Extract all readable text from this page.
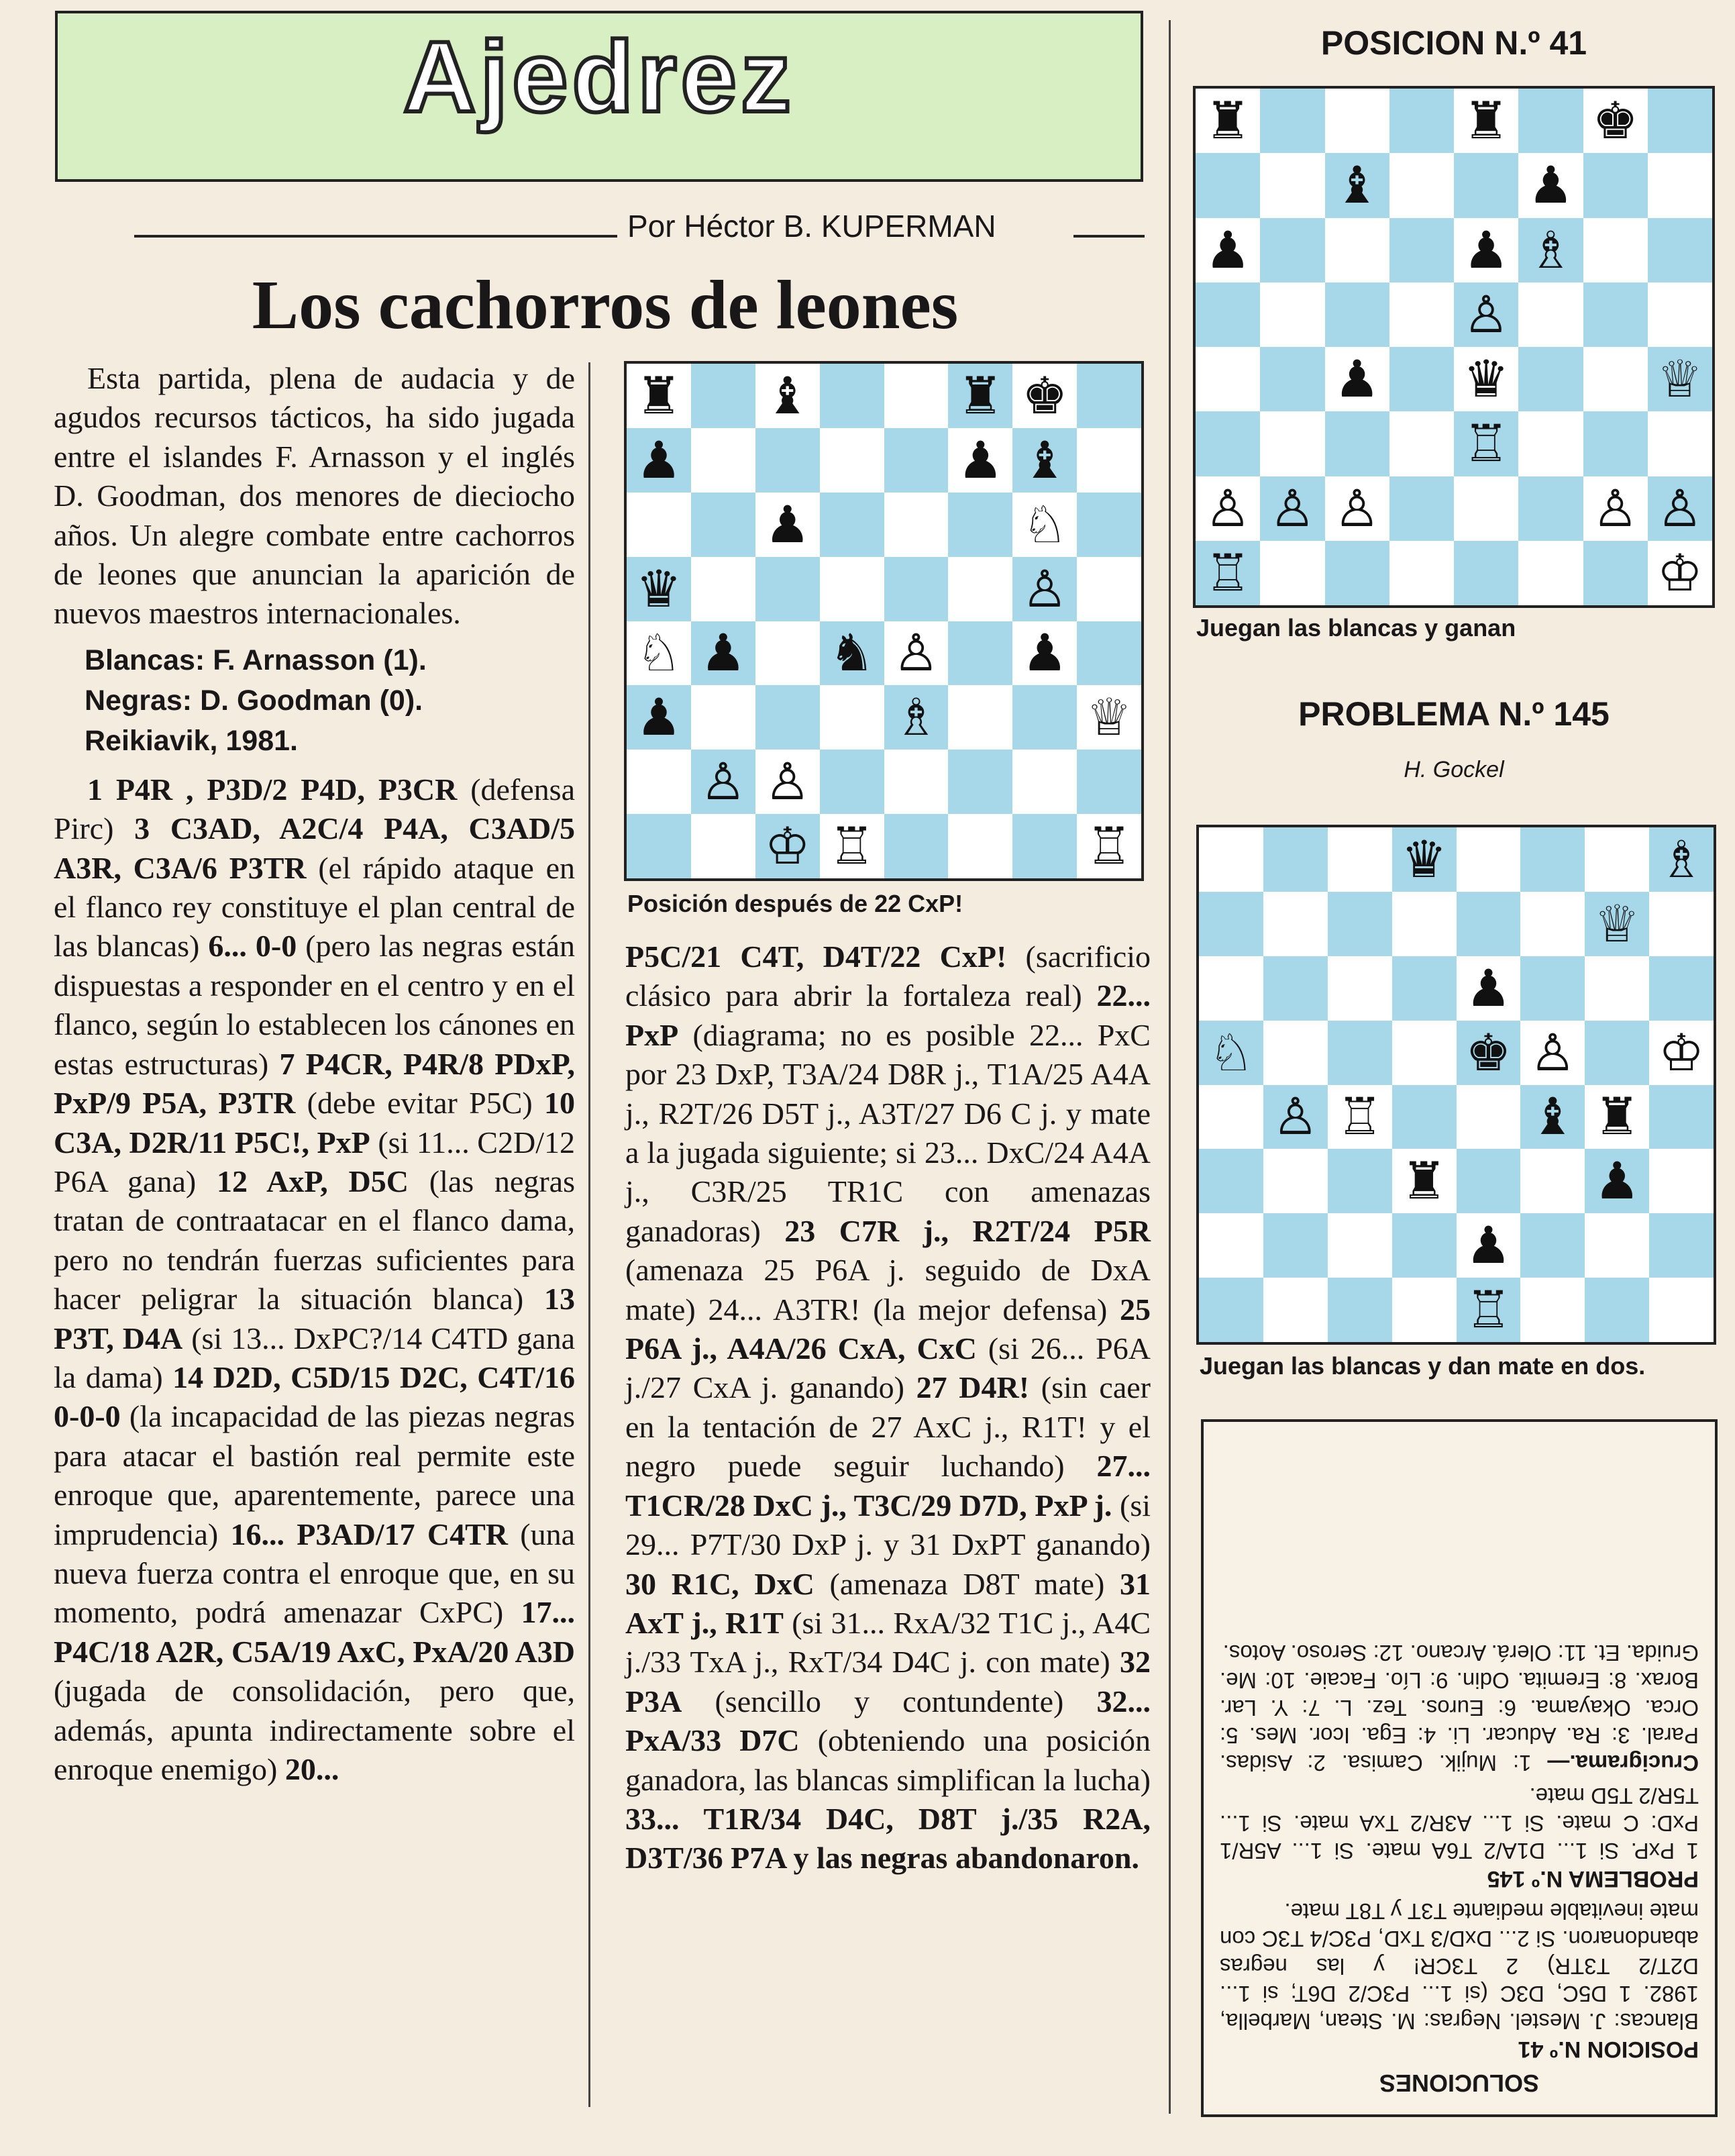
Ajedrez
Por Héctor B. KUPERMAN
Los cachorros de leones

Esta partida, plena de audacia y de agudos recursos tácticos, ha sido jugada entre el islandes F. Arnasson y el inglés D. Goodman, dos menores de dieciocho años. Un alegre combate entre cachorros de leones que anuncian la aparición de nuevos maestros internacionales.

Blancas: F. Arnasson (1).
Negras: D. Goodman (0).
Reikiavik, 1981.

1 P4R , P3D/2 P4D, P3CR (defensa Pirc) 3 C3AD, A2C/4 P4A, C3AD/5 A3R, C3A/6 P3TR (el rápido ataque en el flanco rey constituye el plan central de las blancas) 6... 0-0 (pero las negras están dispuestas a responder en el centro y en el flanco, según lo establecen los cánones en estas estructuras) 7 P4CR, P4R/8 PDxP, PxP/9 P5A, P3TR (debe evitar P5C) 10 C3A, D2R/11 P5C!, PxP (si 11... C2D/12 P6A gana) 12 AxP, D5C (las negras tratan de contraatacar en el flanco dama, pero no tendrán fuerzas suficientes para hacer peligrar la situación blanca) 13 P3T, D4A (si 13... DxPC?/14 C4TD gana la dama) 14 D2D, C5D/15 D2C, C4T/16 0-0-0 (la incapacidad de las piezas negras para atacar el bastión real permite este enroque que, aparentemente, parece una imprudencia) 16... P3AD/17 C4TR (una nueva fuerza contra el enroque que, en su momento, podrá amenazar CxPC) 17... P4C/18 A2R, C5A/19 AxC, PxA/20 A3D (jugada de consolidación, pero que, además, apunta indirectamente sobre el enroque enemigo) 20...

♜ ♝	♜ ♚
♟	♟ ♝
♟	♘
♛	♙
♘ ♟ ♞ ♙ ♟
♟	♗	♕
♙ ♙
♔ ♖	♖
Posición después de 22 CxP!

P5C/21 C4T, D4T/22 CxP! (sacrificio clásico para abrir la fortaleza real) 22... PxP (diagrama; no es posible 22... PxC por 23 DxP, T3A/24 D8R j., T1A/25 A4A j., R2T/26 D5T j., A3T/27 D6 C j. y mate a la jugada siguiente; si 23... DxC/24 A4A j., C3R/25 TR1C con amenazas ganadoras) 23 C7R j., R2T/24 P5R (amenaza 25 P6A j. seguido de DxA mate) 24... A3TR! (la mejor defensa) 25 P6A j., A4A/26 CxA, CxC (si 26... P6A j./27 CxA j. ganando) 27 D4R! (sin caer en la tentación de 27 AxC j., R1T! y el negro puede seguir luchando) 27... T1CR/28 DxC j., T3C/29 D7D, PxP j. (si 29... P7T/30 DxP j. y 31 DxPT ganando) 30 R1C, DxC (amenaza D8T mate) 31 AxT j., R1T (si 31... RxA/32 T1C j., A4C j./33 TxA j., RxT/34 D4C j. con mate) 32 P3A (sencillo y contundente) 32... PxA/33 D7C (obteniendo una posición ganadora, las blancas simplifican la lucha) 33... T1R/34 D4C, D8T j./35 R2A, D3T/36 P7A y las negras abandonaron.

POSICION N.º 41
♜	♜ ♚
♝	♟
♟	♟ ♗
♙
♟ ♛	♕
♖
♙ ♙ ♙	♙ ♙
♖	♔
Juegan las blancas y ganan
PROBLEMA N.º 145
H. Gockel
♛	♗
♕
♟
♘	♚ ♙ ♔
♙ ♖	♝ ♜
♜	♟
♟
♖
Juegan las blancas y dan mate en dos.

SOLUCIONES

POSICION N.º 41

Blancas: J. Mestel. Negras: M. Stean, Marbella, 1982. 1 D5C, D3C (si 1... P3C/2 D6T; si 1... D2T/2 T3TR) 2 T3CR! y las negras abandonaron. Si 2... DxD/3 TxD, P3C/4 T3C con mate inevitable mediante T3T y T8T mate.

PROBLEMA N.º 145

1 PxP. Si 1... D1A/2 T6A mate. Si 1... A5R/1 PxD: C mate. Si 1... A3R/2 TxA mate. Si 1... T5R/2 T5D mate.

Crucigrama.— 1: Mujik. Camisa. 2: Asidas. Paral. 3: Ra. Aducar. Li. 4: Ega. Icor. Mes. 5: Orca. Okayama. 6: Euros. Tez. L. 7: Y. Lar. Borax. 8: Eremita. Odin. 9: Lío. Facaie. 10: Me. Gruida. Et. 11: Olerá. Arcano. 12: Seroso. Aotos.
